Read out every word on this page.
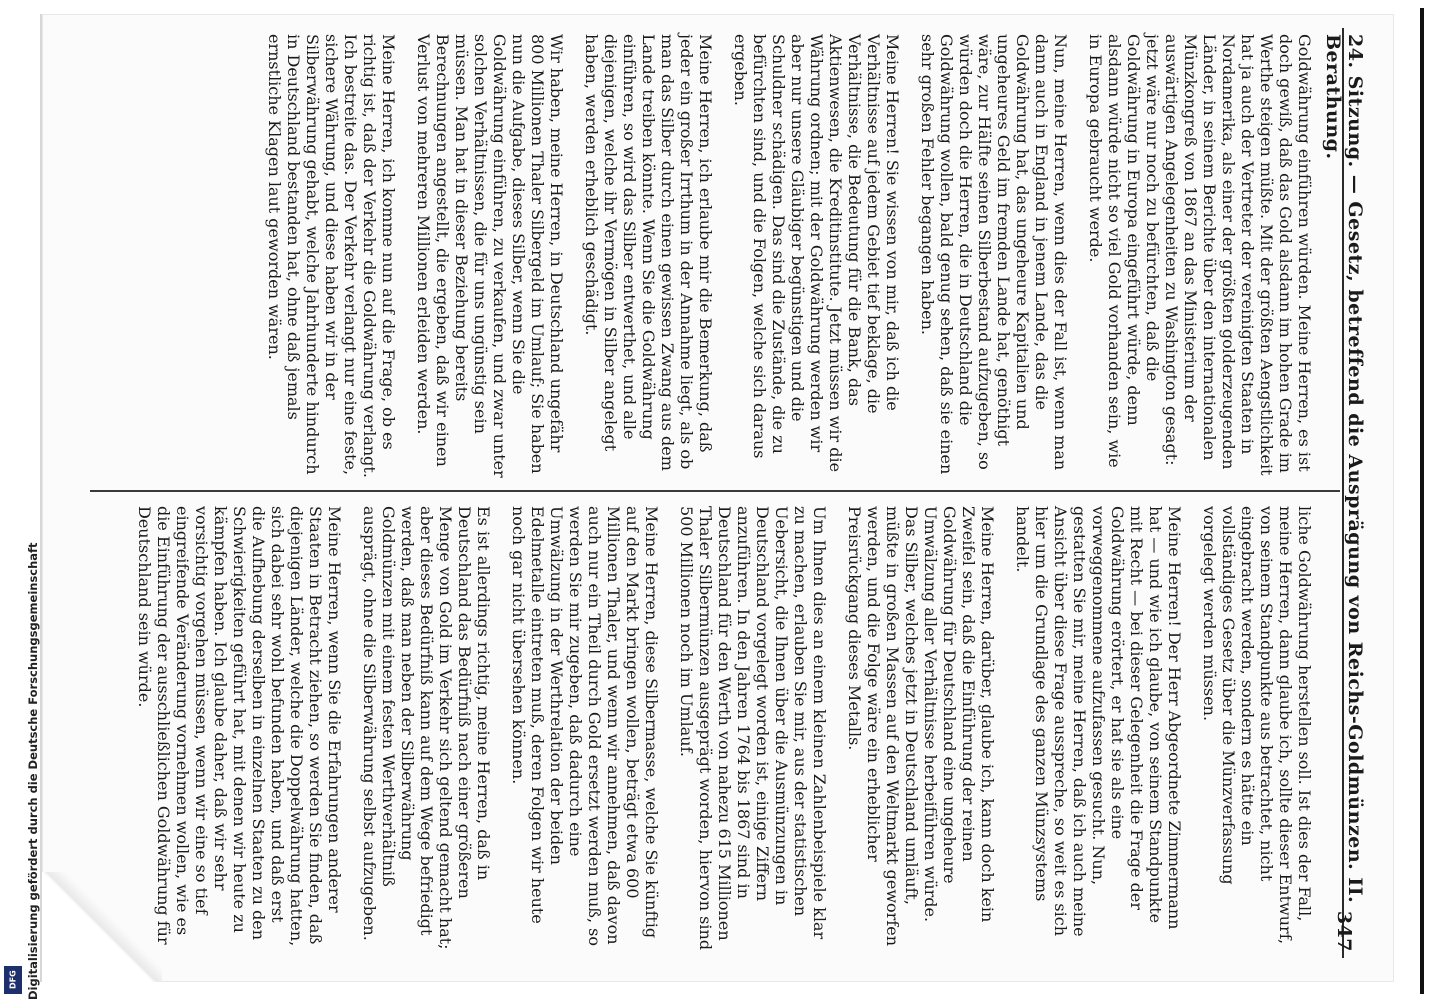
24. Sitzung. — Gesetz, betreffend die Ausprägung von Reichs-Goldmünzen. II. Berathung.
347

Goldwährung einführen würden. Meine Herren, es ist doch gewiß, daß das Gold alsdann im hohen Grade im Werthe steigen müßte. Mit der größten Aengstlichkeit hat ja auch der Vertreter der vereinigten Staaten in Nordamerika, als einer der größten golderzeugenden Länder, in seinem Berichte über den internationalen Münzkongreß von 1867 an das Ministerium der auswärtigen Angelegenheiten zu Washington gesagt: jetzt wäre nur noch zu befürchten, daß die Goldwährung in Europa eingeführt würde, denn alsdann würde nicht so viel Gold vorhanden sein, wie in Europa gebraucht werde.

Nun, meine Herren, wenn dies der Fall ist, wenn man dann auch in England in jenem Lande, das die Goldwährung hat, das ungeheure Kapitalien und ungeheures Geld im fremden Lande hat, genöthigt wäre, zur Hälfte seinen Silberbestand aufzugeben, so würden doch die Herren, die in Deutschland die Goldwährung wollen, bald genug sehen, daß sie einen sehr großen Fehler begangen haben.

Meine Herren! Sie wissen von mir, daß ich die Verhältnisse auf jedem Gebiet tief beklage, die Verhältnisse, die Bedeutung für die Bank, das Aktienwesen, die Kreditinstitute. Jetzt müssen wir die Währung ordnen; mit der Goldwährung werden wir aber nur unsere Gläubiger begünstigen und die Schuldner schädigen. Das sind die Zustände, die zu befürchten sind, und die Folgen, welche sich daraus ergeben.

Meine Herren, ich erlaube mir die Bemerkung, daß jeder ein großer Irrthum in der Annahme liegt, als ob man das Silber durch einen gewissen Zwang aus dem Lande treiben könnte. Wenn Sie die Goldwährung einführen, so wird das Silber entwerthet, und alle diejenigen, welche ihr Vermögen in Silber angelegt haben, werden erheblich geschädigt.

Wir haben, meine Herren, in Deutschland ungefähr 800 Millionen Thaler Silbergeld im Umlauf; Sie haben nun die Aufgabe, dieses Silber, wenn Sie die Goldwährung einführen, zu verkaufen, und zwar unter solchen Verhältnissen, die für uns ungünstig sein müssen. Man hat in dieser Beziehung bereits Berechnungen angestellt, die ergeben, daß wir einen Verlust von mehreren Millionen erleiden werden.

Meine Herren, ich komme nun auf die Frage, ob es richtig ist, daß der Verkehr die Goldwährung verlangt. Ich bestreite das. Der Verkehr verlangt nur eine feste, sichere Währung, und diese haben wir in der Silberwährung gehabt, welche Jahrhunderte hindurch in Deutschland bestanden hat, ohne daß jemals ernstliche Klagen laut geworden wären.

liche Goldwährung herstellen soll. Ist dies der Fall, meine Herren, dann glaube ich, sollte dieser Entwurf, von seinem Standpunkte aus betrachtet, nicht eingebracht werden, sondern es hätte ein vollständiges Gesetz über die Münzverfassung vorgelegt werden müssen.

Meine Herren! Der Herr Abgeordnete Zimmermann hat — und wie ich glaube, von seinem Standpunkte mit Recht — bei dieser Gelegenheit die Frage der Goldwährung erörtert, er hat sie als eine vorweggenommene aufzufassen gesucht. Nun, gestatten Sie mir, meine Herren, daß ich auch meine Ansicht über diese Frage ausspreche, so weit es sich hier um die Grundlage des ganzen Münzsystems handelt.

Meine Herren, darüber, glaube ich, kann doch kein Zweifel sein, daß die Einführung der reinen Goldwährung für Deutschland eine ungeheure Umwälzung aller Verhältnisse herbeiführen würde. Das Silber, welches jetzt in Deutschland umläuft, müßte in großen Massen auf den Weltmarkt geworfen werden, und die Folge wäre ein erheblicher Preisrückgang dieses Metalls.

Um Ihnen dies an einem kleinen Zahlenbeispiele klar zu machen, erlauben Sie mir, aus der statistischen Uebersicht, die Ihnen über die Ausmünzungen in Deutschland vorgelegt worden ist, einige Ziffern anzuführen. In den Jahren 1764 bis 1867 sind in Deutschland für den Werth von nahezu 615 Millionen Thaler Silbermünzen ausgeprägt worden, hiervon sind 500 Millionen noch im Umlauf.

Meine Herren, diese Silbermasse, welche Sie künftig auf den Markt bringen wollen, beträgt etwa 600 Millionen Thaler, und wenn wir annehmen, daß davon auch nur ein Theil durch Gold ersetzt werden muß, so werden Sie mir zugeben, daß dadurch eine Umwälzung in der Werthrelation der beiden Edelmetalle eintreten muß, deren Folgen wir heute noch gar nicht übersehen können.

Es ist allerdings richtig, meine Herren, daß in Deutschland das Bedürfniß nach einer größeren Menge von Gold im Verkehr sich geltend gemacht hat; aber dieses Bedürfniß kann auf dem Wege befriedigt werden, daß man neben der Silberwährung Goldmünzen mit einem festen Werthverhältniß ausprägt, ohne die Silberwährung selbst aufzugeben.

Meine Herren, wenn Sie die Erfahrungen anderer Staaten in Betracht ziehen, so werden Sie finden, daß diejenigen Länder, welche die Doppelwährung hatten, sich dabei sehr wohl befunden haben, und daß erst die Aufhebung derselben in einzelnen Staaten zu den Schwierigkeiten geführt hat, mit denen wir heute zu kämpfen haben. Ich glaube daher, daß wir sehr vorsichtig vorgehen müssen, wenn wir eine so tief eingreifende Veränderung vornehmen wollen, wie es die Einführung der ausschließlichen Goldwährung für Deutschland sein würde.

Digitalisierung gefördert durch die Deutsche Forschungsgemeinschaft
DFG
